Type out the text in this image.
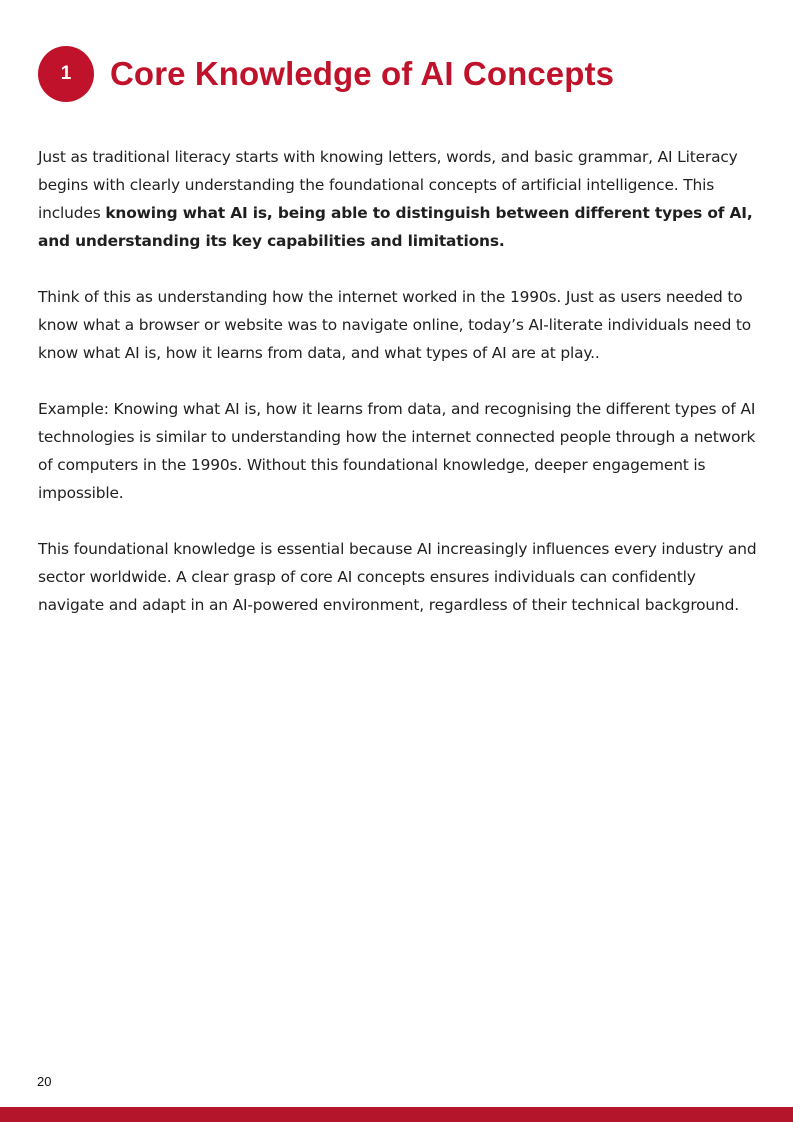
1 Core Knowledge of AI Concepts

Just as traditional literacy starts with knowing letters, words, and basic grammar, AI Literacy begins with clearly understanding the foundational concepts of artificial intelligence. This includes knowing what AI is, being able to distinguish between different types of AI, and understanding its key capabilities and limitations.

Think of this as understanding how the internet worked in the 1990s. Just as users needed to know what a browser or website was to navigate online, today’s AI-literate individuals need to know what AI is, how it learns from data, and what types of AI are at play..

Example: Knowing what AI is, how it learns from data, and recognising the different types of AI technologies is similar to understanding how the internet connected people through a network of computers in the 1990s. Without this foundational knowledge, deeper engagement is impossible.

This foundational knowledge is essential because AI increasingly influences every industry and sector worldwide. A clear grasp of core AI concepts ensures individuals can confidently navigate and adapt in an AI-powered environment, regardless of their technical background.

20
